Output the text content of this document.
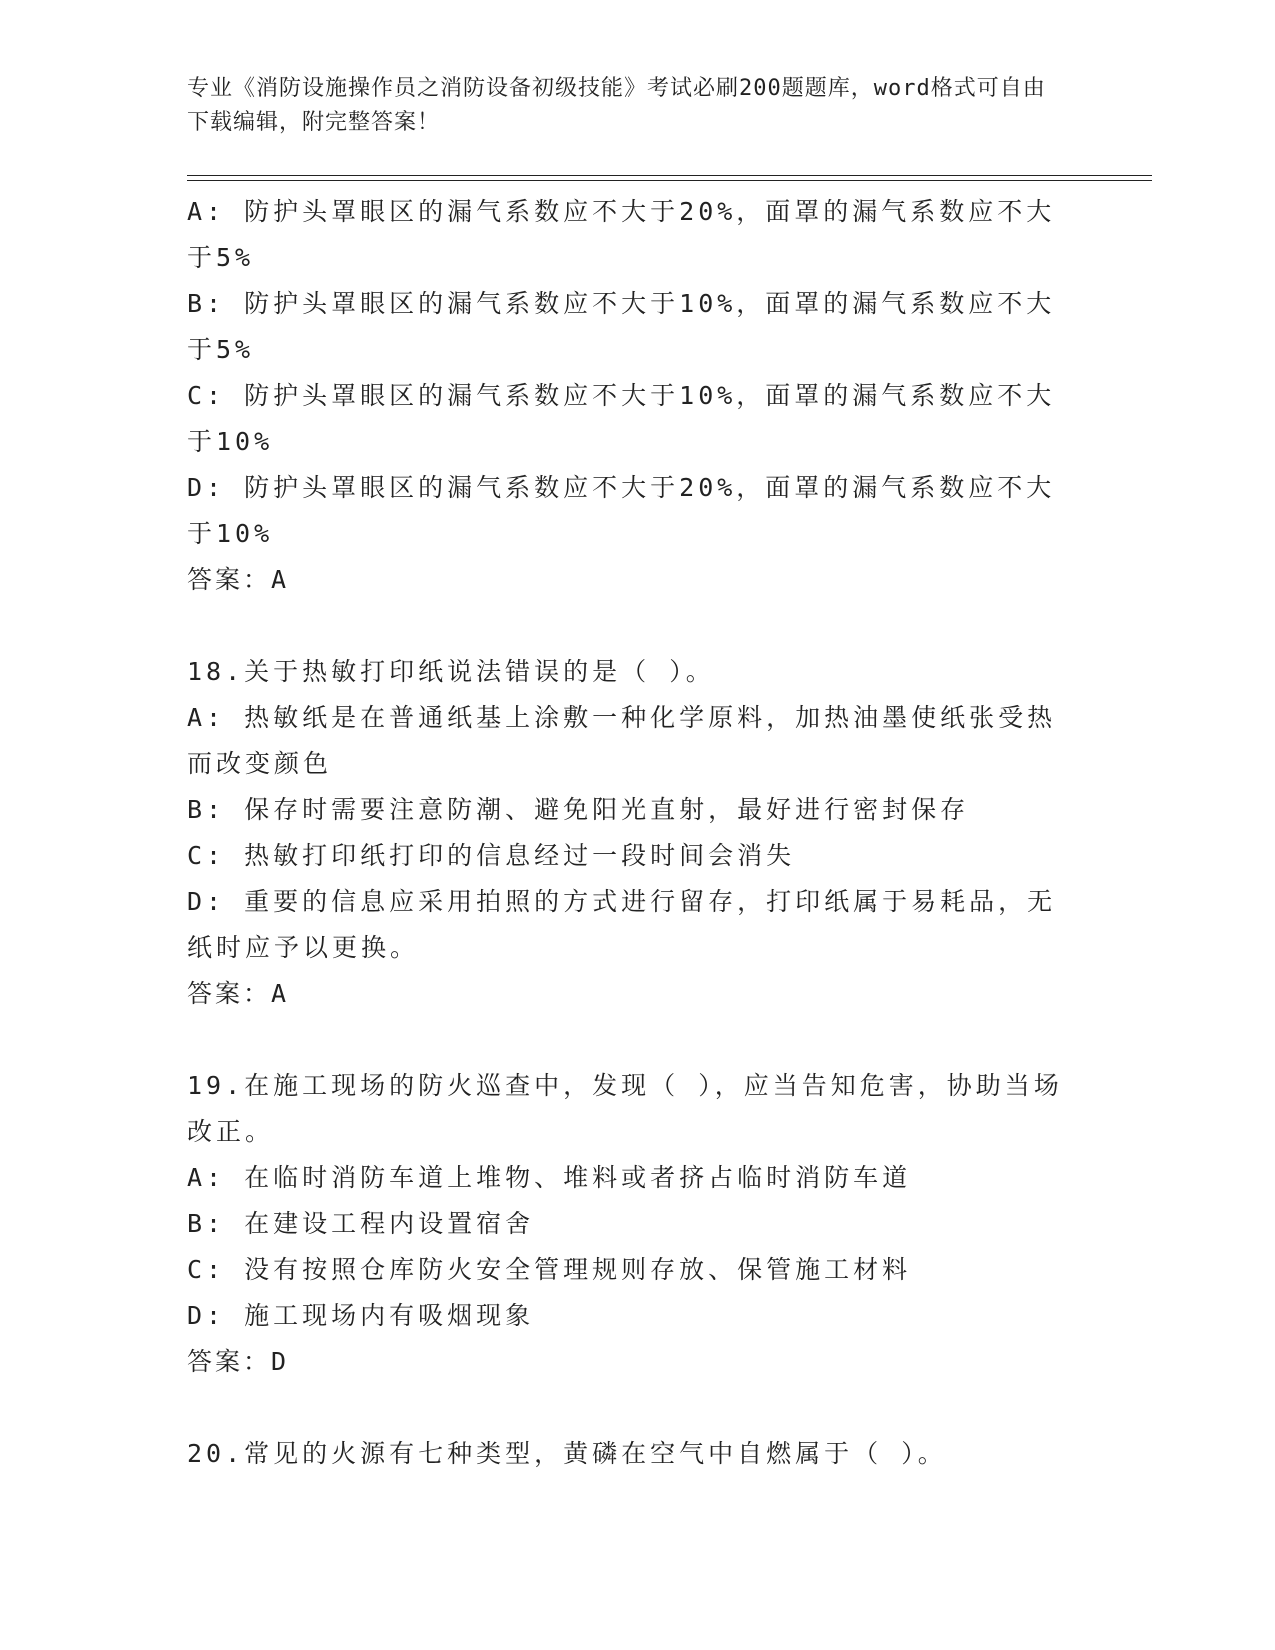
专业《消防设施操作员之消防设备初级技能》考试必刷200题题库，word格式可自由下载编辑，附完整答案！

A: 防护头罩眼区的漏气系数应不大于20%，面罩的漏气系数应不大于5%

B: 防护头罩眼区的漏气系数应不大于10%，面罩的漏气系数应不大于5%

C: 防护头罩眼区的漏气系数应不大于10%，面罩的漏气系数应不大于10%

D: 防护头罩眼区的漏气系数应不大于20%，面罩的漏气系数应不大于10%

答案：A

18.关于热敏打印纸说法错误的是（ ）。

A: 热敏纸是在普通纸基上涂敷一种化学原料，加热油墨使纸张受热而改变颜色

B: 保存时需要注意防潮、避免阳光直射，最好进行密封保存

C: 热敏打印纸打印的信息经过一段时间会消失

D: 重要的信息应采用拍照的方式进行留存，打印纸属于易耗品，无纸时应予以更换。

答案：A

19.在施工现场的防火巡查中，发现（ ），应当告知危害，协助当场改正。

A: 在临时消防车道上堆物、堆料或者挤占临时消防车道

B: 在建设工程内设置宿舍

C: 没有按照仓库防火安全管理规则存放、保管施工材料

D: 施工现场内有吸烟现象

答案：D

20.常见的火源有七种类型，黄磷在空气中自燃属于（ ）。
